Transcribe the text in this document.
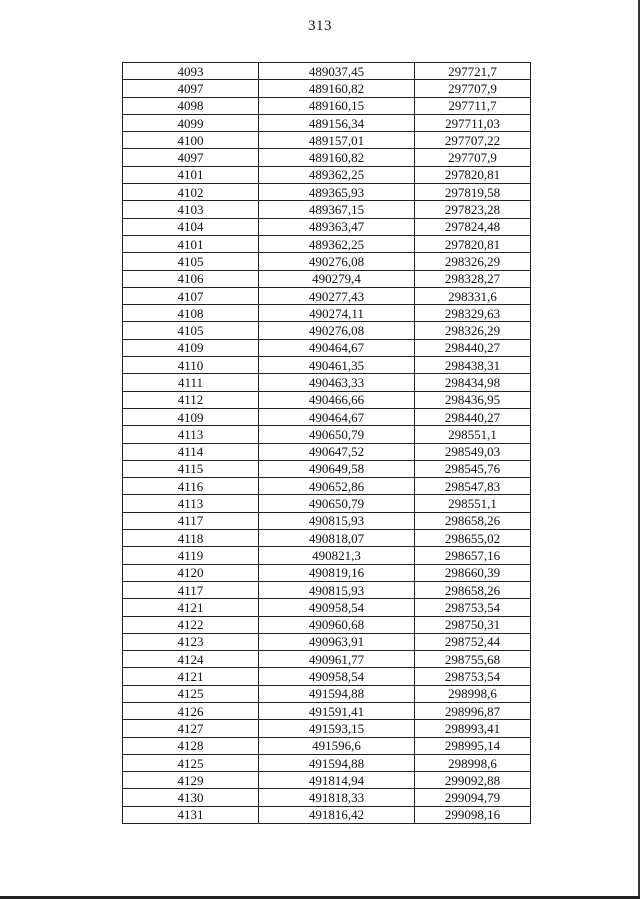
313
4093	489037,45	297721,7
4097	489160,82	297707,9
4098	489160,15	297711,7
4099	489156,34	297711,03
4100	489157,01	297707,22
4097	489160,82	297707,9
4101	489362,25	297820,81
4102	489365,93	297819,58
4103	489367,15	297823,28
4104	489363,47	297824,48
4101	489362,25	297820,81
4105	490276,08	298326,29
4106	490279,4	298328,27
4107	490277,43	298331,6
4108	490274,11	298329,63
4105	490276,08	298326,29
4109	490464,67	298440,27
4110	490461,35	298438,31
4111	490463,33	298434,98
4112	490466,66	298436,95
4109	490464,67	298440,27
4113	490650,79	298551,1
4114	490647,52	298549,03
4115	490649,58	298545,76
4116	490652,86	298547,83
4113	490650,79	298551,1
4117	490815,93	298658,26
4118	490818,07	298655,02
4119	490821,3	298657,16
4120	490819,16	298660,39
4117	490815,93	298658,26
4121	490958,54	298753,54
4122	490960,68	298750,31
4123	490963,91	298752,44
4124	490961,77	298755,68
4121	490958,54	298753,54
4125	491594,88	298998,6
4126	491591,41	298996,87
4127	491593,15	298993,41
4128	491596,6	298995,14
4125	491594,88	298998,6
4129	491814,94	299092,88
4130	491818,33	299094,79
4131	491816,42	299098,16
